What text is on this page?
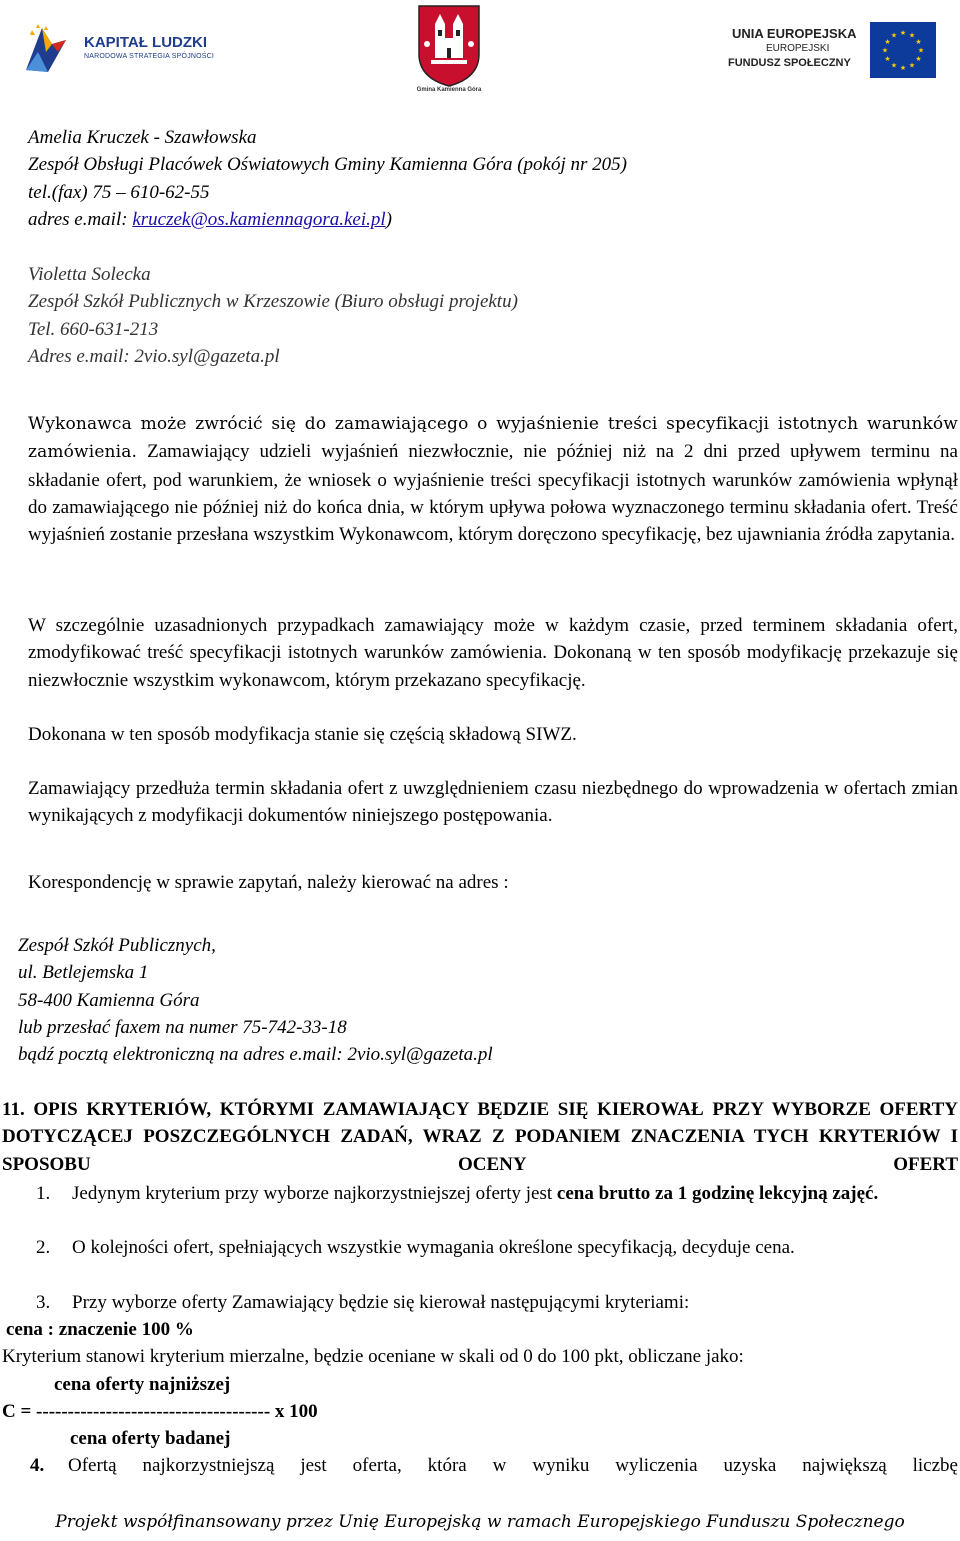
KAPITAŁ LUDZKI
NARODOWA STRATEGIA SPÓJNOŚCI
Gmina Kamienna Góra
UNIA EUROPEJSKA
EUROPEJSKI
FUNDUSZ SPOŁECZNY
★ ★
★
★
★
★
★
★
★
★
★
★
Amelia Kruczek - Szawłowska
Zespół Obsługi Placówek Oświatowych Gminy Kamienna Góra (pokój nr 205)
tel.(fax) 75 – 610-62-55
adres e.mail: kruczek@os.kamiennagora.kei.pl)
Violetta Solecka
Zespół Szkół Publicznych w Krzeszowie (Biuro obsługi projektu)
Tel. 660-631-213
Adres e.mail: 2vio.syl@gazeta.pl

Wykonawca może zwrócić się do zamawiającego o wyjaśnienie treści specyfikacji istotnych warunków zamówienia. Zamawiający udzieli wyjaśnień niezwłocznie, nie później niż na 2 dni przed upływem terminu na składanie ofert, pod warunkiem, że wniosek o wyjaśnienie treści specyfikacji istotnych warunków zamówienia wpłynął do zamawiającego nie później niż do końca dnia, w którym upływa połowa wyznaczonego terminu składania ofert. Treść wyjaśnień zostanie przesłana wszystkim Wykonawcom, którym doręczono specyfikację, bez ujawniania źródła zapytania.

W szczególnie uzasadnionych przypadkach zamawiający może w każdym czasie, przed terminem składania ofert, zmodyfikować treść specyfikacji istotnych warunków zamówienia. Dokonaną w ten sposób modyfikację przekazuje się niezwłocznie wszystkim wykonawcom, którym przekazano specyfikację.

Dokonana w ten sposób modyfikacja stanie się częścią składową SIWZ.

Zamawiający przedłuża termin składania ofert z uwzględnieniem czasu niezbędnego do wprowadzenia w ofertach zmian wynikających z modyfikacji dokumentów niniejszego postępowania.

Korespondencję w sprawie zapytań, należy kierować na adres :

Zespół Szkół Publicznych,
ul. Betlejemska 1
58-400 Kamienna Góra
lub przesłać faxem na numer 75-742-33-18
bądź pocztą elektroniczną na adres e.mail: 2vio.syl@gazeta.pl

11. OPIS KRYTERIÓW, KTÓRYMI ZAMAWIAJĄCY BĘDZIE SIĘ KIEROWAŁ PRZY WYBORZE OFERTY DOTYCZĄCEJ POSZCZEGÓLNYCH ZADAŃ, WRAZ Z PODANIEM ZNACZENIA TYCH KRYTERIÓW I SPOSOBU OCENY OFERT

1. Jedynym kryterium przy wyborze najkorzystniejszej oferty jest cena brutto za 1 godzinę lekcyjną zajęć.

2. O kolejności ofert, spełniających wszystkie wymagania określone specyfikacją, decyduje cena.

3. Przy wyborze oferty Zamawiający będzie się kierował następującymi kryteriami:

cena : znaczenie 100 %

Kryterium stanowi kryterium mierzalne, będzie oceniane w skali od 0 do 100 pkt, obliczane jako:

cena oferty najniższej

C = ------------------------------------- x 100

cena oferty badanej

4. Ofertą najkorzystniejszą jest oferta, która w wyniku wyliczenia uzyska największą liczbę

Projekt współfinansowany przez Unię Europejską w ramach Europejskiego Funduszu Społecznego
